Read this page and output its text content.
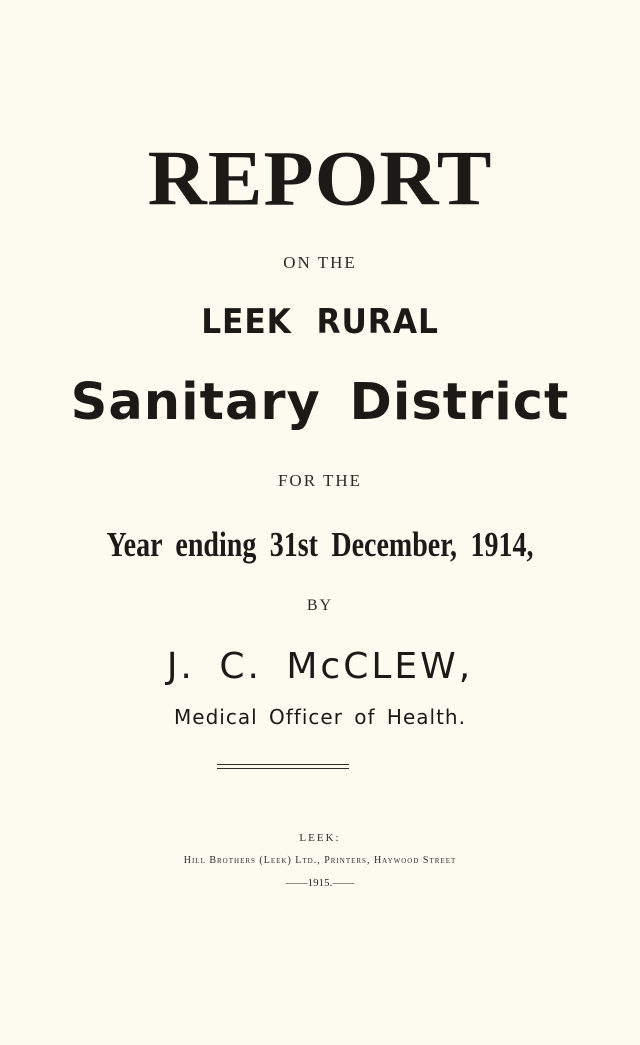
REPORT
ON THE
LEEK RURAL
Sanitary District
FOR THE
Year ending 31st December, 1914,
BY
J. C. McCLEW,
Medical Officer of Health.
LEEK:
Hill Brothers (Leek) Ltd., Printers, Haywood Street
——1915.——
